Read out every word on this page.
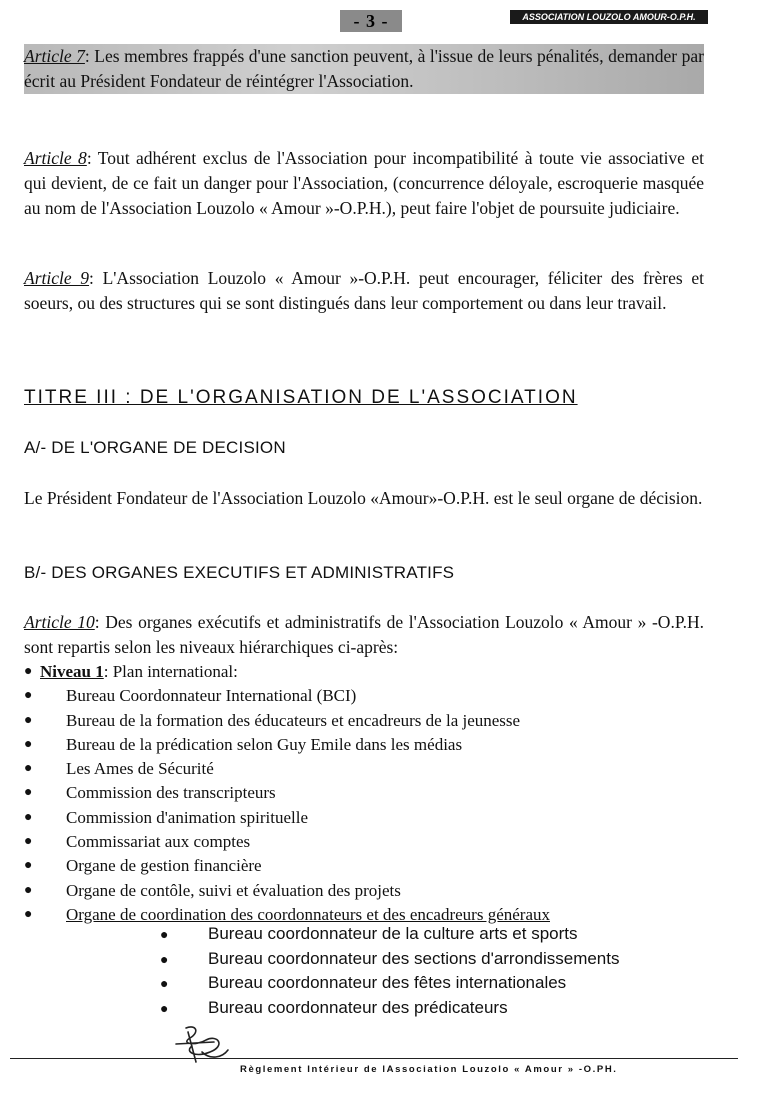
- 3 -	ASSOCIATION LOUZOLO AMOUR-O.P.H.
Article 7: Les membres frappés d'une sanction peuvent, à l'issue de leurs pénalités, demander par écrit au Président Fondateur de réintégrer l'Association.
Article 8: Tout adhérent exclus de l'Association pour incompatibilité à toute vie associative et qui devient, de ce fait un danger pour l'Association, (concurrence déloyale, escroquerie masquée au nom de l'Association Louzolo « Amour »-O.P.H.), peut faire l'objet de poursuite judiciaire.
Article 9: L'Association Louzolo « Amour »-O.P.H. peut encourager, féliciter des frères et soeurs, ou des structures qui se sont distingués dans leur comportement ou dans leur travail.
TITRE III : DE L'ORGANISATION DE L'ASSOCIATION
A/- DE L'ORGANE DE DECISION
Le Président Fondateur de l'Association Louzolo «Amour»-O.P.H. est le seul organe de décision.
B/- DES ORGANES EXECUTIFS ET ADMINISTRATIFS
Article 10: Des organes exécutifs et administratifs de l'Association Louzolo « Amour » -O.P.H. sont repartis selon les niveaux hiérarchiques ci-après:
● Niveau 1: Plan international:
● Bureau Coordonnateur International (BCI)
● Bureau de la formation des éducateurs et encadreurs de la jeunesse
● Bureau de la prédication selon Guy Emile dans les médias
● Les Ames de Sécurité
● Commission des transcripteurs
● Commission d'animation spirituelle
● Commissariat aux comptes
● Organe de gestion financière
● Organe de contôle, suivi et évaluation des projets
● Organe de coordination des coordonnateurs et des encadreurs généraux
● Bureau coordonnateur de la culture arts et sports
● Bureau coordonnateur des sections d'arrondissements
● Bureau coordonnateur des fêtes internationales
● Bureau coordonnateur des prédicateurs
Règlement Intérieur de lAssociation Louzolo « Amour » -O.PH.
